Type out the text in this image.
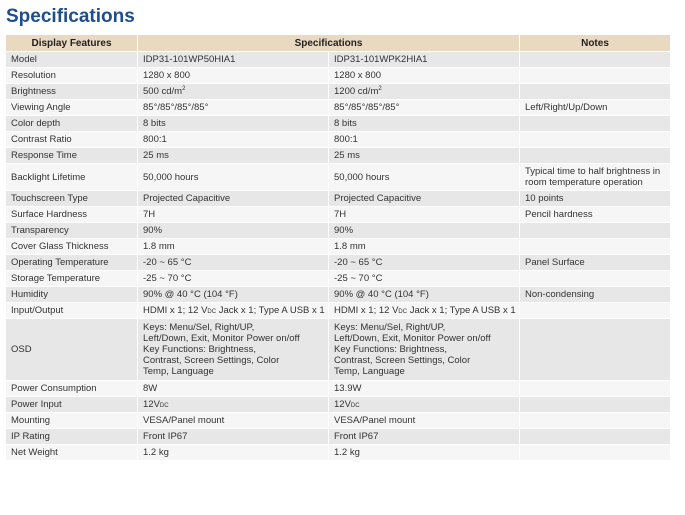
Specifications
Display Features	Specifications		Notes
Model	IDP31-101WP50HIA1	IDP31-101WPK2HIA1	
Resolution	1280 x 800	1280 x 800	
Brightness	500 $cd/m^2$	1200 $cd/m^2$	
Viewing Angle	85°/85°/85°/85°	85°/85°/85°/85°	Left/Right/Up/Down
Color depth	8 bits	8 bits	
Contrast Ratio	800:1	800:1	
Response Time	25 ms	25 ms	
Backlight Lifetime	50,000 hours	50,000 hours	Typical time to half brightness in
room temperature operation
Touchscreen Type	Projected Capacitive	Projected Capacitive	10 points
Surface Hardness	7H	7H	Pencil hardness
Transparency	90%	90%	
Cover Glass Thickness	1.8 mm	1.8 mm	
Operating Temperature	-20 ~ 65 °C	-20 ~ 65 °C	Panel Surface
Storage Temperature	-25 ~ 70 °C	-25 ~ 70 °C	
Humidity	90% @ 40 °C (104 °F)	90% @ 40 °C (104 °F)	Non-condensing
Input/Output	HDMI x 1; 12 VDC Jack x 1; Type A USB x 1	HDMI x 1; 12 VDC Jack x 1; Type A USB x 1	
OSD	Keys: Menu/Sel, Right/UP,
Left/Down, Exit, Monitor Power on/off
Key Functions: Brightness,
Contrast, Screen Settings, Color
Temp, Language	Keys: Menu/Sel, Right/UP,
Left/Down, Exit, Monitor Power on/off
Key Functions: Brightness,
Contrast, Screen Settings, Color
Temp, Language	
Power Consumption	8W	13.9W	
Power Input	12VDC	12VDC	
Mounting	VESA/Panel mount	VESA/Panel mount	
IP Rating	Front IP67	Front IP67	
Net Weight	1.2 kg	1.2 kg	
